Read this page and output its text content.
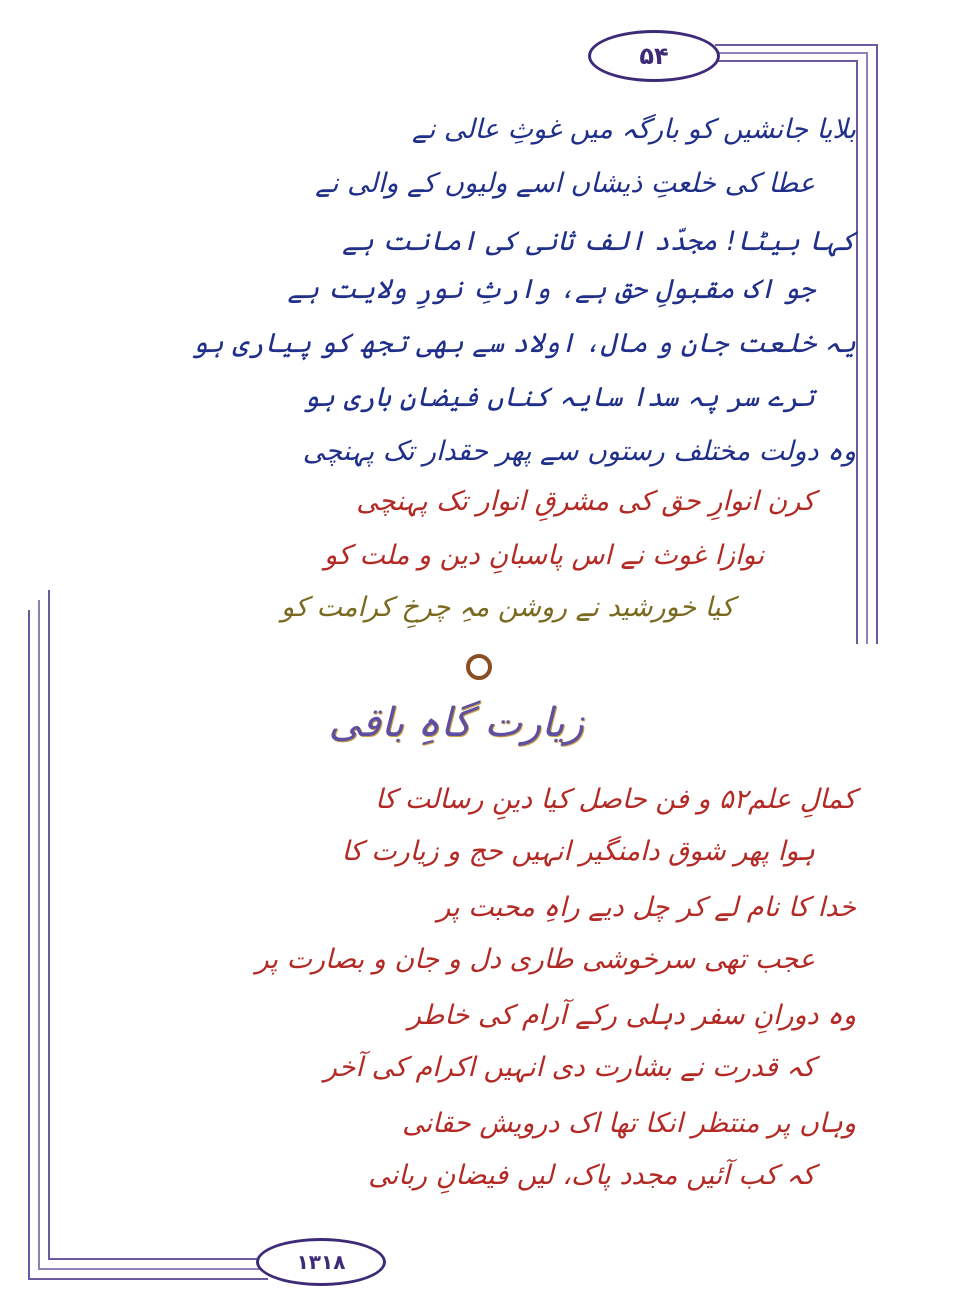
۵۴
۱۳۱۸
بلایا جانشیں کو بارگہ میں غوثِ عالی نے
عطا کی خلعتِ ذیشاں اسے ولیوں کے والی نے
کہا بیٹا! مجدّد الف ثانی کی امانت ہے
جو اک مقبولِ حق ہے، وارثِ نورِ ولایت ہے
یہ خلعت جان و مال، اولاد سے بھی تجھ کو پیاری ہو
ترے سر پہ سدا سایہ کناں فیضانِ باری ہو
وہ دولت مختلف رستوں سے پھر حقدار تک پہنچی
کرن انوارِ حق کی مشرقِ انوار تک پہنچی
نوازا غوث نے اس پاسبانِ دین و ملت کو
کیا خورشید نے روشن مہِ چرخِ کرامت کو
زیارت گاہِ باقی
کمالِ علم۵۲ و فن حاصل کیا دینِ رسالت کا
ہوا پھر شوق دامنگیر انہیں حج و زیارت کا
خدا کا نام لے کر چل دیے راہِ محبت پر
عجب تھی سرخوشی طاری دل و جان و بصارت پر
وہ دورانِ سفر دہلی رکے آرام کی خاطر
کہ قدرت نے بشارت دی انہیں اکرام کی آخر
وہاں پر منتظر انکا تھا اک درویش حقانی
کہ کب آئیں مجدد پاک، لیں فیضانِ ربانی
